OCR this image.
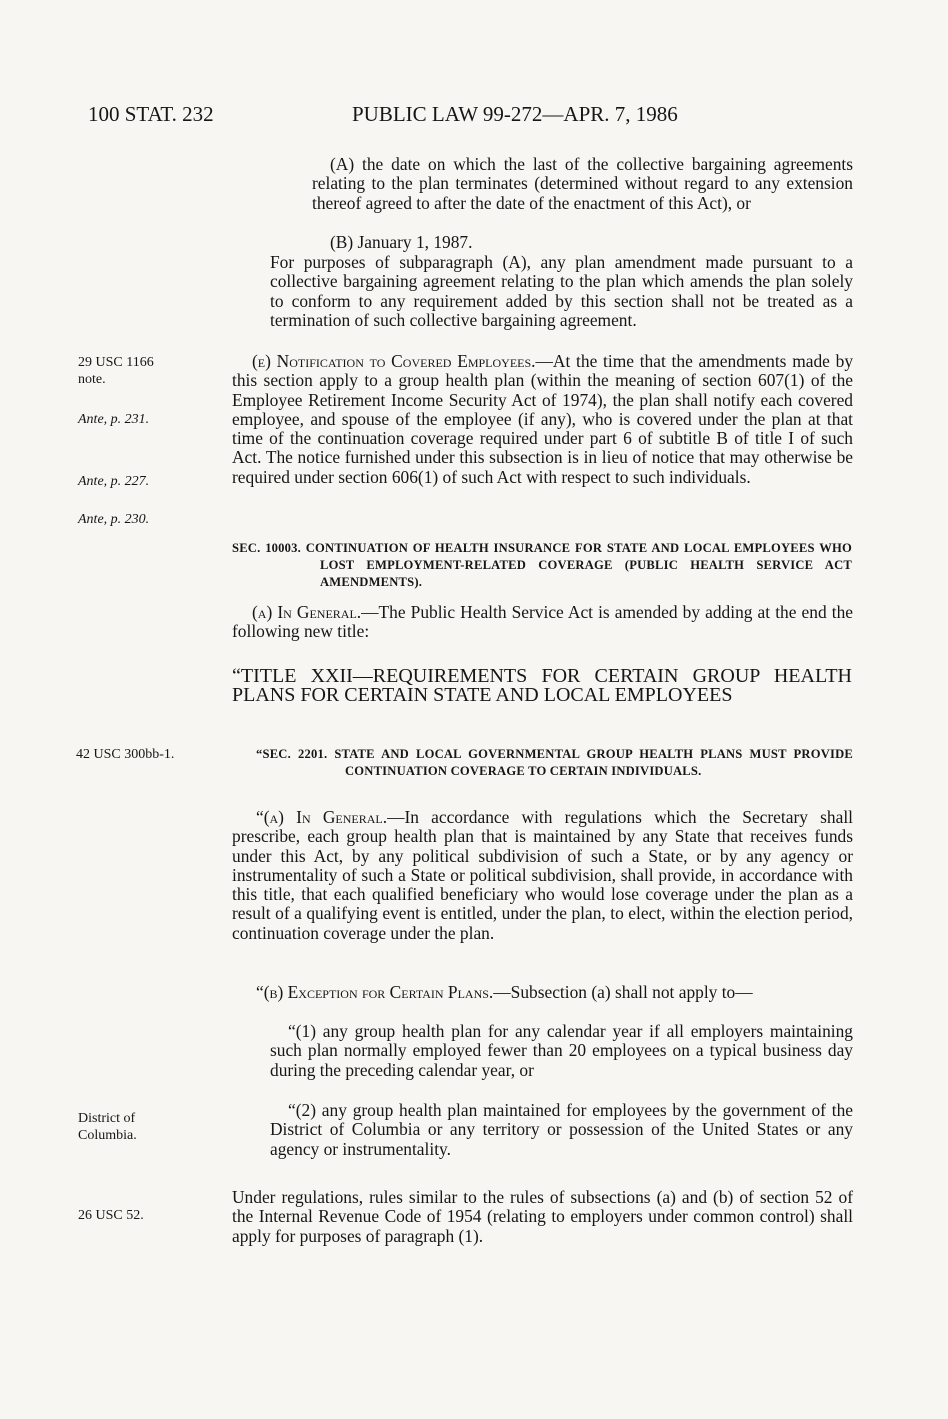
100 STAT. 232	PUBLIC LAW 99-272—APR. 7, 1986
29 USC 1166
note.
Ante, p. 231.
Ante, p. 227.
Ante, p. 230.
42 USC 300bb-1.
District of
Columbia.
26 USC 52.

(A) the date on which the last of the collective bargaining agreements relating to the plan terminates (determined without regard to any extension thereof agreed to after the date of the enactment of this Act), or

(B) January 1, 1987.

For purposes of subparagraph (A), any plan amendment made pursuant to a collective bargaining agreement relating to the plan which amends the plan solely to conform to any requirement added by this section shall not be treated as a termination of such collective bargaining agreement.

(e) Notification to Covered Employees.—At the time that the amendments made by this section apply to a group health plan (within the meaning of section 607(1) of the Employee Retirement Income Security Act of 1974), the plan shall notify each covered employee, and spouse of the employee (if any), who is covered under the plan at that time of the continuation coverage required under part 6 of subtitle B of title I of such Act. The notice furnished under this subsection is in lieu of notice that may otherwise be required under section 606(1) of such Act with respect to such individuals.

SEC. 10003. CONTINUATION OF HEALTH INSURANCE FOR STATE AND LOCAL EMPLOYEES WHO LOST EMPLOYMENT-RELATED COVERAGE (PUBLIC HEALTH SERVICE ACT AMENDMENTS).

(a) In General.—The Public Health Service Act is amended by adding at the end the following new title:

“TITLE XXII—REQUIREMENTS FOR CERTAIN GROUP HEALTH PLANS FOR CERTAIN STATE AND LOCAL EMPLOYEES
“SEC. 2201. STATE AND LOCAL GOVERNMENTAL GROUP HEALTH PLANS MUST PROVIDE CONTINUATION COVERAGE TO CERTAIN INDIVIDUALS.

“(a) In General.—In accordance with regulations which the Secretary shall prescribe, each group health plan that is maintained by any State that receives funds under this Act, by any political subdivision of such a State, or by any agency or instrumentality of such a State or political subdivision, shall provide, in accordance with this title, that each qualified beneficiary who would lose coverage under the plan as a result of a qualifying event is entitled, under the plan, to elect, within the election period, continuation coverage under the plan.

“(b) Exception for Certain Plans.—Subsection (a) shall not apply to—

“(1) any group health plan for any calendar year if all employers maintaining such plan normally employed fewer than 20 employees on a typical business day during the preceding calendar year, or

“(2) any group health plan maintained for employees by the government of the District of Columbia or any territory or possession of the United States or any agency or instrumentality.

Under regulations, rules similar to the rules of subsections (a) and (b) of section 52 of the Internal Revenue Code of 1954 (relating to employers under common control) shall apply for purposes of paragraph (1).
